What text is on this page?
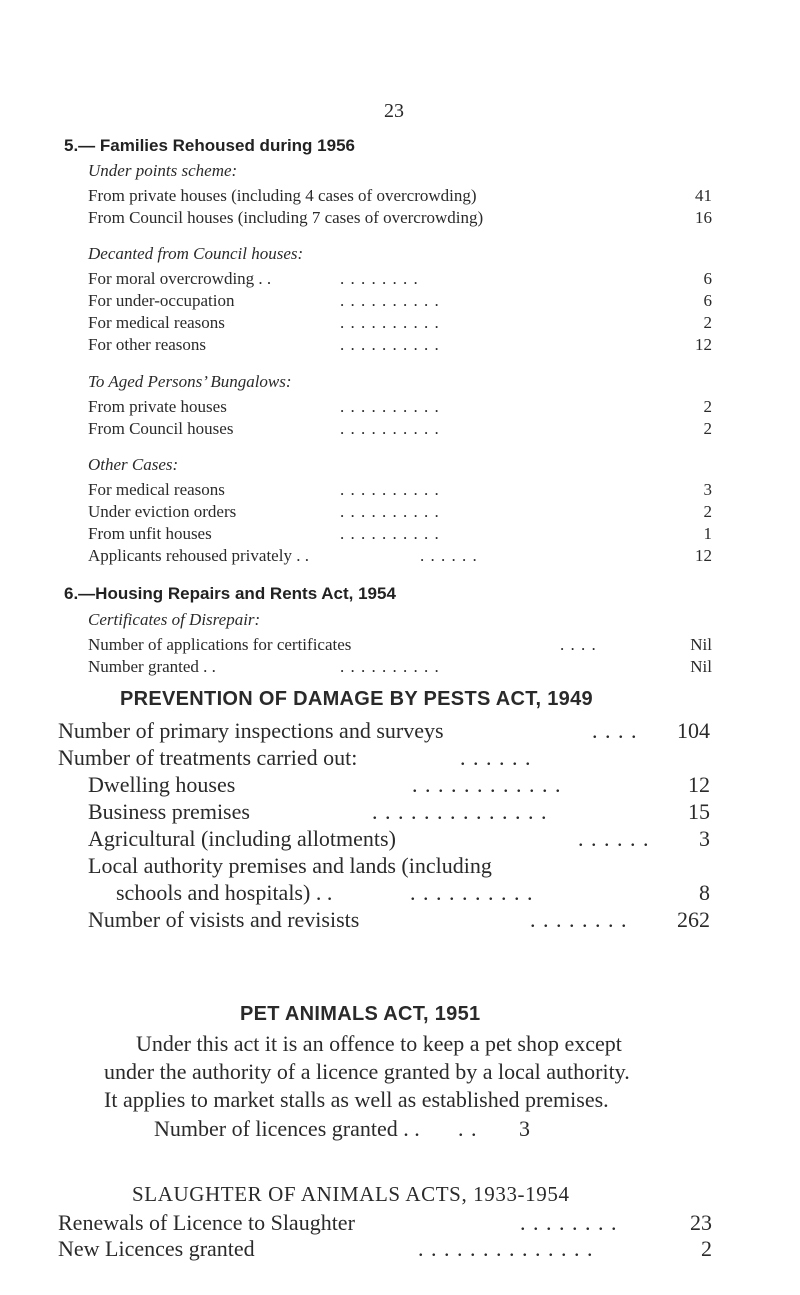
23
5.— Families Rehoused during 1956
Under points scheme:
From private houses (including 4 cases of overcrowding)	41
From Council houses (including 7 cases of overcrowding)	16
Decanted from Council houses:
For moral overcrowding . .	. . . . . . . .	6
For under-occupation	. . . . . . . . . .	6
For medical reasons	. . . . . . . . . .	2
For other reasons	. . . . . . . . . .	12
To Aged Persons’ Bungalows:
From private houses	. . . . . . . . . .	2
From Council houses	. . . . . . . . . .	2
Other Cases:
For medical reasons	. . . . . . . . . .	3
Under eviction orders	. . . . . . . . . .	2
From unfit houses	. . . . . . . . . .	1
Applicants rehoused privately . .	. . . . . .	12
6.—Housing Repairs and Rents Act, 1954
Certificates of Disrepair:
Number of applications for certificates	. . . .	Nil
Number granted . .	. . . . . . . . . .	Nil
PREVENTION OF DAMAGE BY PESTS ACT, 1949
Number of primary inspections and surveys	. . . .	104
Number of treatments carried out:	. . . . . .
Dwelling houses	. . . . . . . . . . . .	12
Business premises	. . . . . . . . . . . . . .	15
Agricultural (including allotments)	. . . . . .	3
Local authority premises and lands (including
schools and hospitals) . .	. . . . . . . . . .	8
Number of visists and revisists	. . . . . . . .	262
PET ANIMALS ACT, 1951
Under this act it is an offence to keep a pet shop except
under the authority of a licence granted by a local authority.
It applies to market stalls as well as established premises.
Number of licences granted . . . .	3
SLAUGHTER OF ANIMALS ACTS, 1933-1954
Renewals of Licence to Slaughter	. . . . . . . .	23
New Licences granted	. . . . . . . . . . . . . .	2
